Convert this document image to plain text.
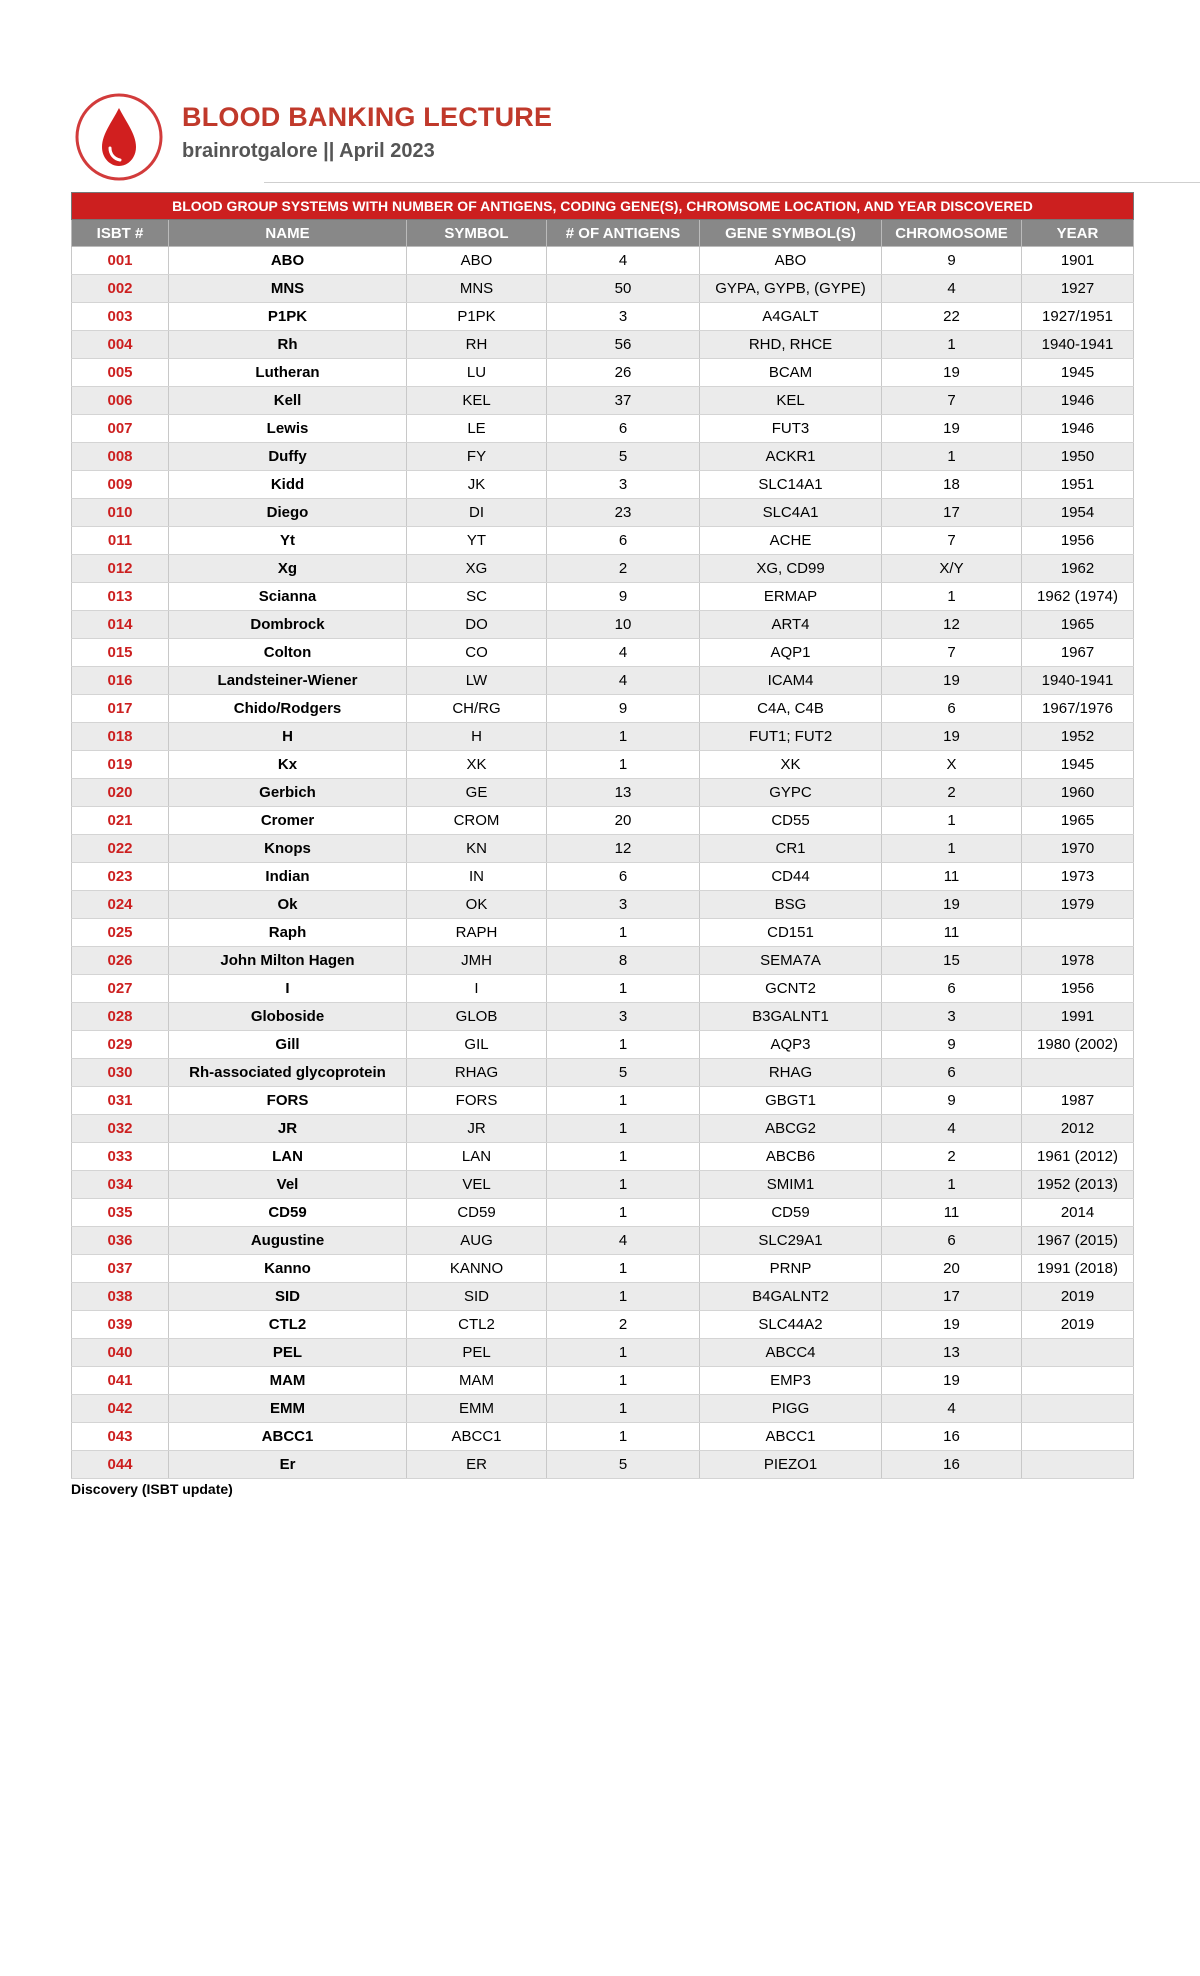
BLOOD BANKING LECTURE
brainrotgalore || April 2023
BLOOD GROUP SYSTEMS WITH NUMBER OF ANTIGENS, CODING GENE(S), CHROMSOME LOCATION, AND YEAR DISCOVERED						
ISBT #	NAME	SYMBOL	# OF ANTIGENS	GENE SYMBOL(S)	CHROMOSOME	YEAR
001	ABO	ABO	4	ABO	9	1901
002	MNS	MNS	50	GYPA, GYPB, (GYPE)	4	1927
003	P1PK	P1PK	3	A4GALT	22	1927/1951
004	Rh	RH	56	RHD, RHCE	1	1940-1941
005	Lutheran	LU	26	BCAM	19	1945
006	Kell	KEL	37	KEL	7	1946
007	Lewis	LE	6	FUT3	19	1946
008	Duffy	FY	5	ACKR1	1	1950
009	Kidd	JK	3	SLC14A1	18	1951
010	Diego	DI	23	SLC4A1	17	1954
011	Yt	YT	6	ACHE	7	1956
012	Xg	XG	2	XG, CD99	X/Y	1962
013	Scianna	SC	9	ERMAP	1	1962 (1974)
014	Dombrock	DO	10	ART4	12	1965
015	Colton	CO	4	AQP1	7	1967
016	Landsteiner-Wiener	LW	4	ICAM4	19	1940-1941
017	Chido/Rodgers	CH/RG	9	C4A, C4B	6	1967/1976
018	H	H	1	FUT1; FUT2	19	1952
019	Kx	XK	1	XK	X	1945
020	Gerbich	GE	13	GYPC	2	1960
021	Cromer	CROM	20	CD55	1	1965
022	Knops	KN	12	CR1	1	1970
023	Indian	IN	6	CD44	11	1973
024	Ok	OK	3	BSG	19	1979
025	Raph	RAPH	1	CD151	11	
026	John Milton Hagen	JMH	8	SEMA7A	15	1978
027	I	I	1	GCNT2	6	1956
028	Globoside	GLOB	3	B3GALNT1	3	1991
029	Gill	GIL	1	AQP3	9	1980 (2002)
030	Rh-associated glycoprotein	RHAG	5	RHAG	6	
031	FORS	FORS	1	GBGT1	9	1987
032	JR	JR	1	ABCG2	4	2012
033	LAN	LAN	1	ABCB6	2	1961 (2012)
034	Vel	VEL	1	SMIM1	1	1952 (2013)
035	CD59	CD59	1	CD59	11	2014
036	Augustine	AUG	4	SLC29A1	6	1967 (2015)
037	Kanno	KANNO	1	PRNP	20	1991 (2018)
038	SID	SID	1	B4GALNT2	17	2019
039	CTL2	CTL2	2	SLC44A2	19	2019
040	PEL	PEL	1	ABCC4	13	
041	MAM	MAM	1	EMP3	19	
042	EMM	EMM	1	PIGG	4	
043	ABCC1	ABCC1	1	ABCC1	16	
044	Er	ER	5	PIEZO1	16	
Discovery (ISBT update)
